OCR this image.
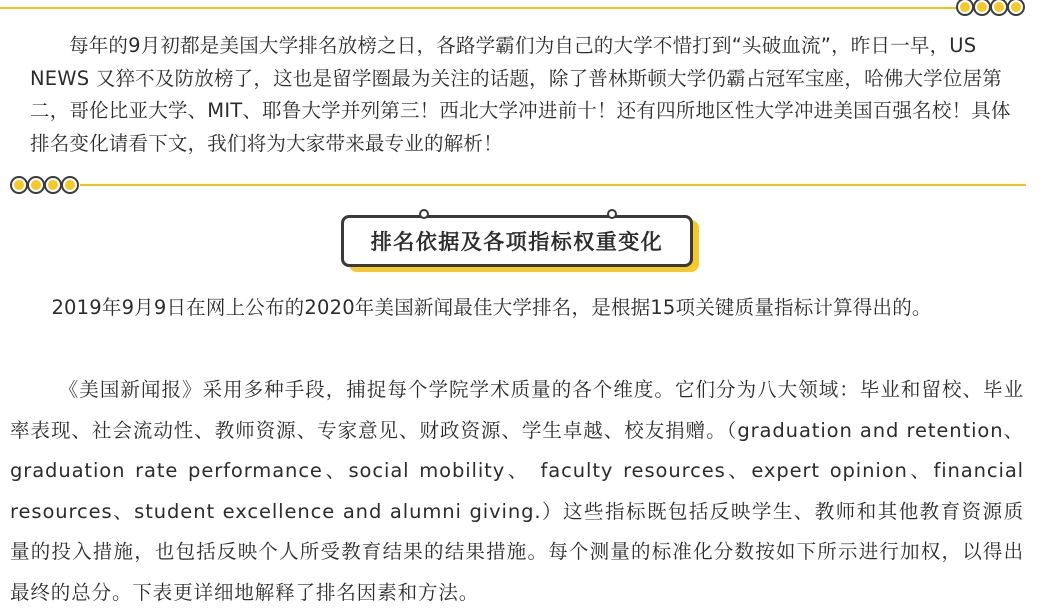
每年的9月初都是美国大学排名放榜之日，各路学霸们为自己的大学不惜打到“头破血流”，昨日一早，US NEWS 又猝不及防放榜了，这也是留学圈最为关注的话题，除了普林斯顿大学仍霸占冠军宝座，哈佛大学位居第二，哥伦比亚大学、MIT、耶鲁大学并列第三！西北大学冲进前十！还有四所地区性大学冲进美国百强名校！具体排名变化请看下文，我们将为大家带来最专业的解析！
排名依据及各项指标权重变化
2019年9月9日在网上公布的2020年美国新闻最佳大学排名，是根据15项关键质量指标计算得出的。
《美国新闻报》采用多种手段，捕捉每个学院学术质量的各个维度。它们分为八大领域：毕业和留校、毕业率表现、社会流动性、教师资源、专家意见、财政资源、学生卓越、校友捐赠。（graduation and retention、graduation rate performance、social mobility、 faculty resources、expert opinion、financial resources、student excellence and alumni giving.）这些指标既包括反映学生、教师和其他教育资源质量的投入措施，也包括反映个人所受教育结果的结果措施。每个测量的标准化分数按如下所示进行加权，以得出最终的总分。下表更详细地解释了排名因素和方法。
